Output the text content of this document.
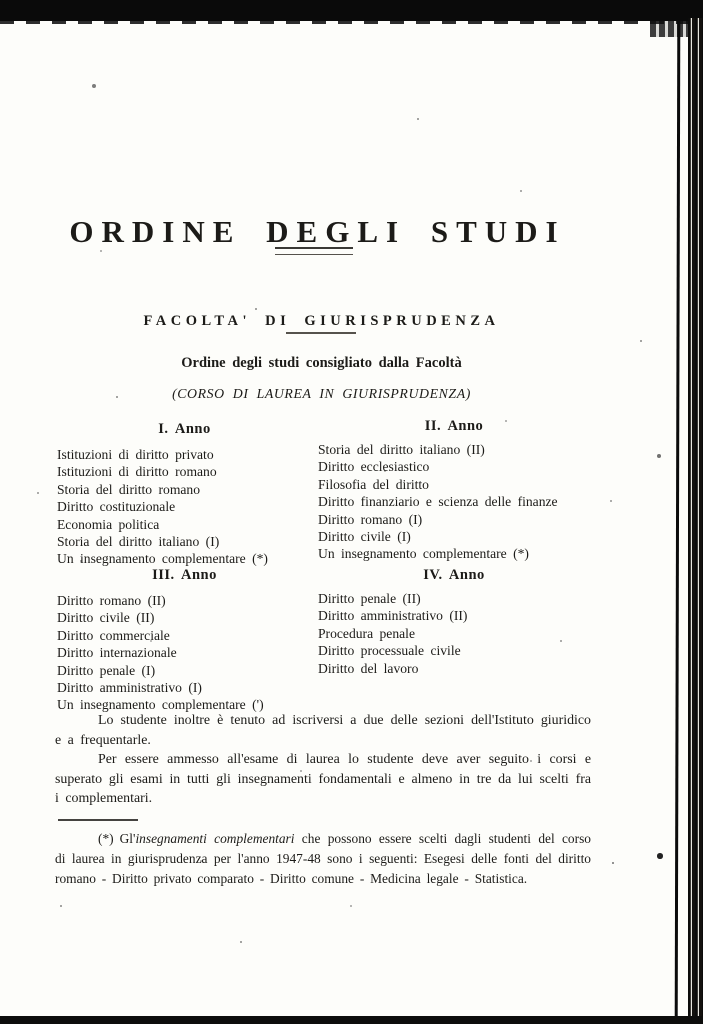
ORDINE DEGLI STUDI
FACOLTA' DI GIURISPRUDENZA
Ordine degli studi consigliato dalla Facoltà
(CORSO DI LAUREA IN GIURISPRUDENZA)
I. Anno
Istituzioni di diritto privato
Istituzioni di diritto romano
Storia del diritto romano
Diritto costituzionale
Economia politica
Storia del diritto italiano (I)
Un insegnamento complementare (*)
II. Anno
Storia del diritto italiano (II)
Diritto ecclesiastico
Filosofia del diritto
Diritto finanziario e scienza delle finanze
Diritto romano (I)
Diritto civile (I)
Un insegnamento complementare (*)
III. Anno
Diritto romano (II)
Diritto civile (II)
Diritto commerciale
Diritto internazionale
Diritto penale (I)
Diritto amministrativo (I)
Un insegnamento complementare (')
IV. Anno
Diritto penale (II)
Diritto amministrativo (II)
Procedura penale
Diritto processuale civile
Diritto del lavoro

Lo studente inoltre è tenuto ad iscriversi a due delle sezioni dell'Istituto giuridico e a frequentarle.

Per essere ammesso all'esame di laurea lo studente deve aver seguito i corsi e superato gli esami in tutti gli insegnamenti fondamentali e almeno in tre da lui scelti fra i complementari.

(*) Gl'insegnamenti complementari che possono essere scelti dagli studenti del corso di laurea in giurisprudenza per l'anno 1947-48 sono i seguenti: Esegesi delle fonti del diritto romano - Diritto privato comparato - Diritto comune - Medicina legale - Statistica.
